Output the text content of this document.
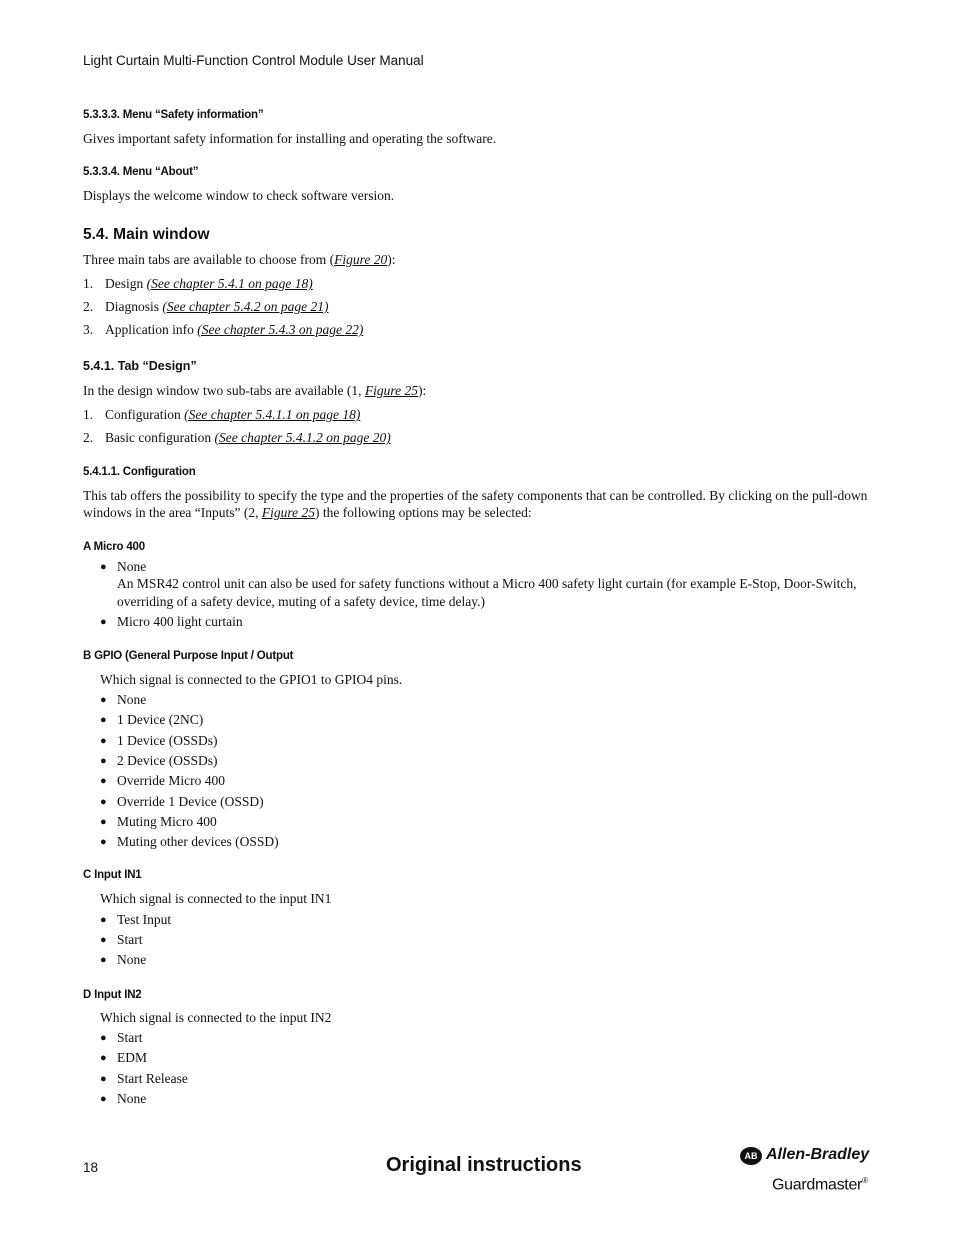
Light Curtain Multi-Function Control Module User Manual
5.3.3.3. Menu “Safety information”
Gives important safety information for installing and operating the software.
5.3.3.4. Menu “About”
Displays the welcome window to check software version.
5.4. Main window
Three main tabs are available to choose from (Figure 20):
1. Design (See chapter 5.4.1 on page 18)
2. Diagnosis (See chapter 5.4.2 on page 21)
3. Application info (See chapter 5.4.3 on page 22)
5.4.1. Tab “Design”
In the design window two sub-tabs are available (1, Figure 25):
1. Configuration (See chapter 5.4.1.1 on page 18)
2. Basic configuration (See chapter 5.4.1.2 on page 20)
5.4.1.1. Configuration
This tab offers the possibility to specify the type and the properties of the safety components that can be controlled. By clicking on the pull-down
windows in the area “Inputs” (2, Figure 25) the following options may be selected:
A Micro 400
● None
An MSR42 control unit can also be used for safety functions without a Micro 400 safety light curtain (for example E-Stop, Door-Switch,
overriding of a safety device, muting of a safety device, time delay.)
● Micro 400 light curtain
B GPIO (General Purpose Input / Output
Which signal is connected to the GPIO1 to GPIO4 pins.
● None
● 1 Device (2NC)
● 1 Device (OSSDs)
● 2 Device (OSSDs)
● Override Micro 400
● Override 1 Device (OSSD)
● Muting Micro 400
● Muting other devices (OSSD)
C Input IN1
Which signal is connected to the input IN1
● Test Input
● Start
● None
D Input IN2
Which signal is connected to the input IN2
● Start
● EDM
● Start Release
● None
18	Original instructions	AB Allen-Bradley
Guardmaster®
